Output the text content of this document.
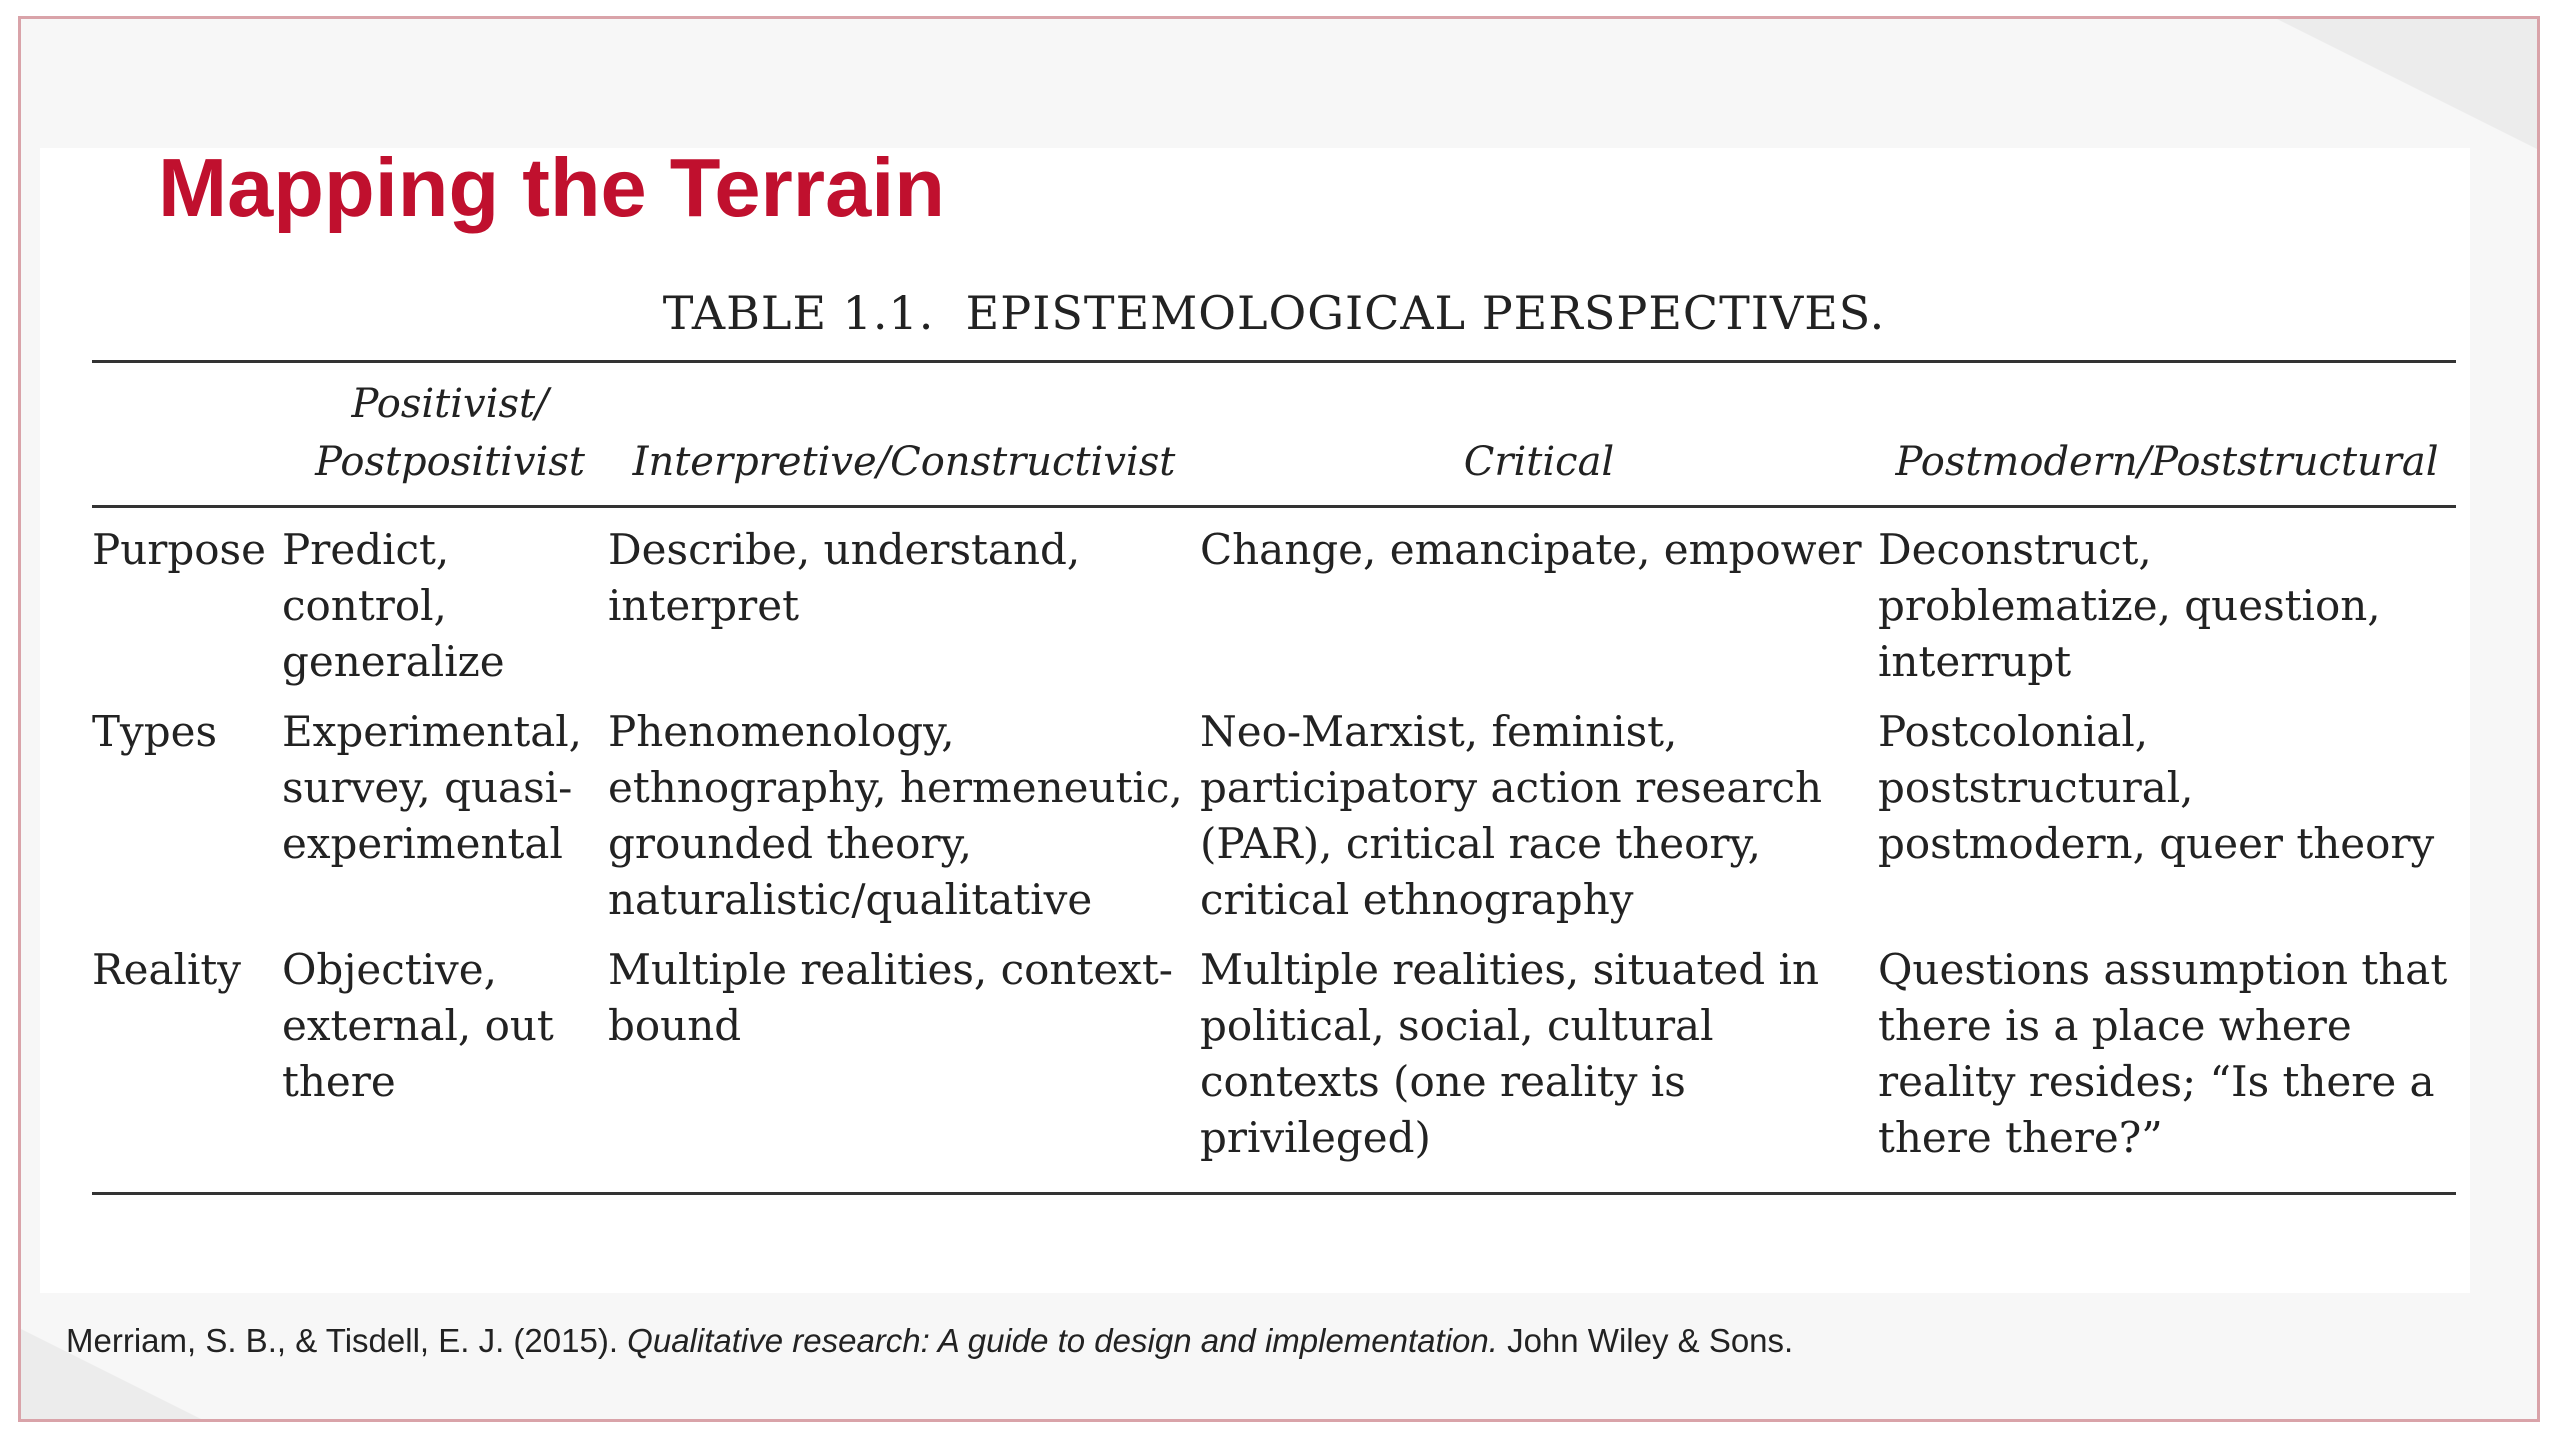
Mapping the Terrain
TABLE 1.1. EPISTEMOLOGICAL PERSPECTIVES.
	Positivist/ Postpositivist	Interpretive/Constructivist	Critical	Postmodern/Poststructural
Purpose	Predict, control, generalize	Describe, understand, interpret	Change, emancipate, empower	Deconstruct, problematize, question, interrupt
Types	Experimental, survey, quasi-experimental	Phenomenology, ethnography, hermeneutic, grounded theory, naturalistic/qualitative	Neo-Marxist, feminist, participatory action research (PAR), critical race theory, critical ethnography	Postcolonial, poststructural, postmodern, queer theory
Reality	Objective, external, out there	Multiple realities, context-bound	Multiple realities, situated in political, social, cultural contexts (one reality is privileged)	Questions assumption that there is a place where reality resides; “Is there a there there?”
Merriam, S. B., & Tisdell, E. J. (2015). Qualitative research: A guide to design and implementation. John Wiley & Sons.
